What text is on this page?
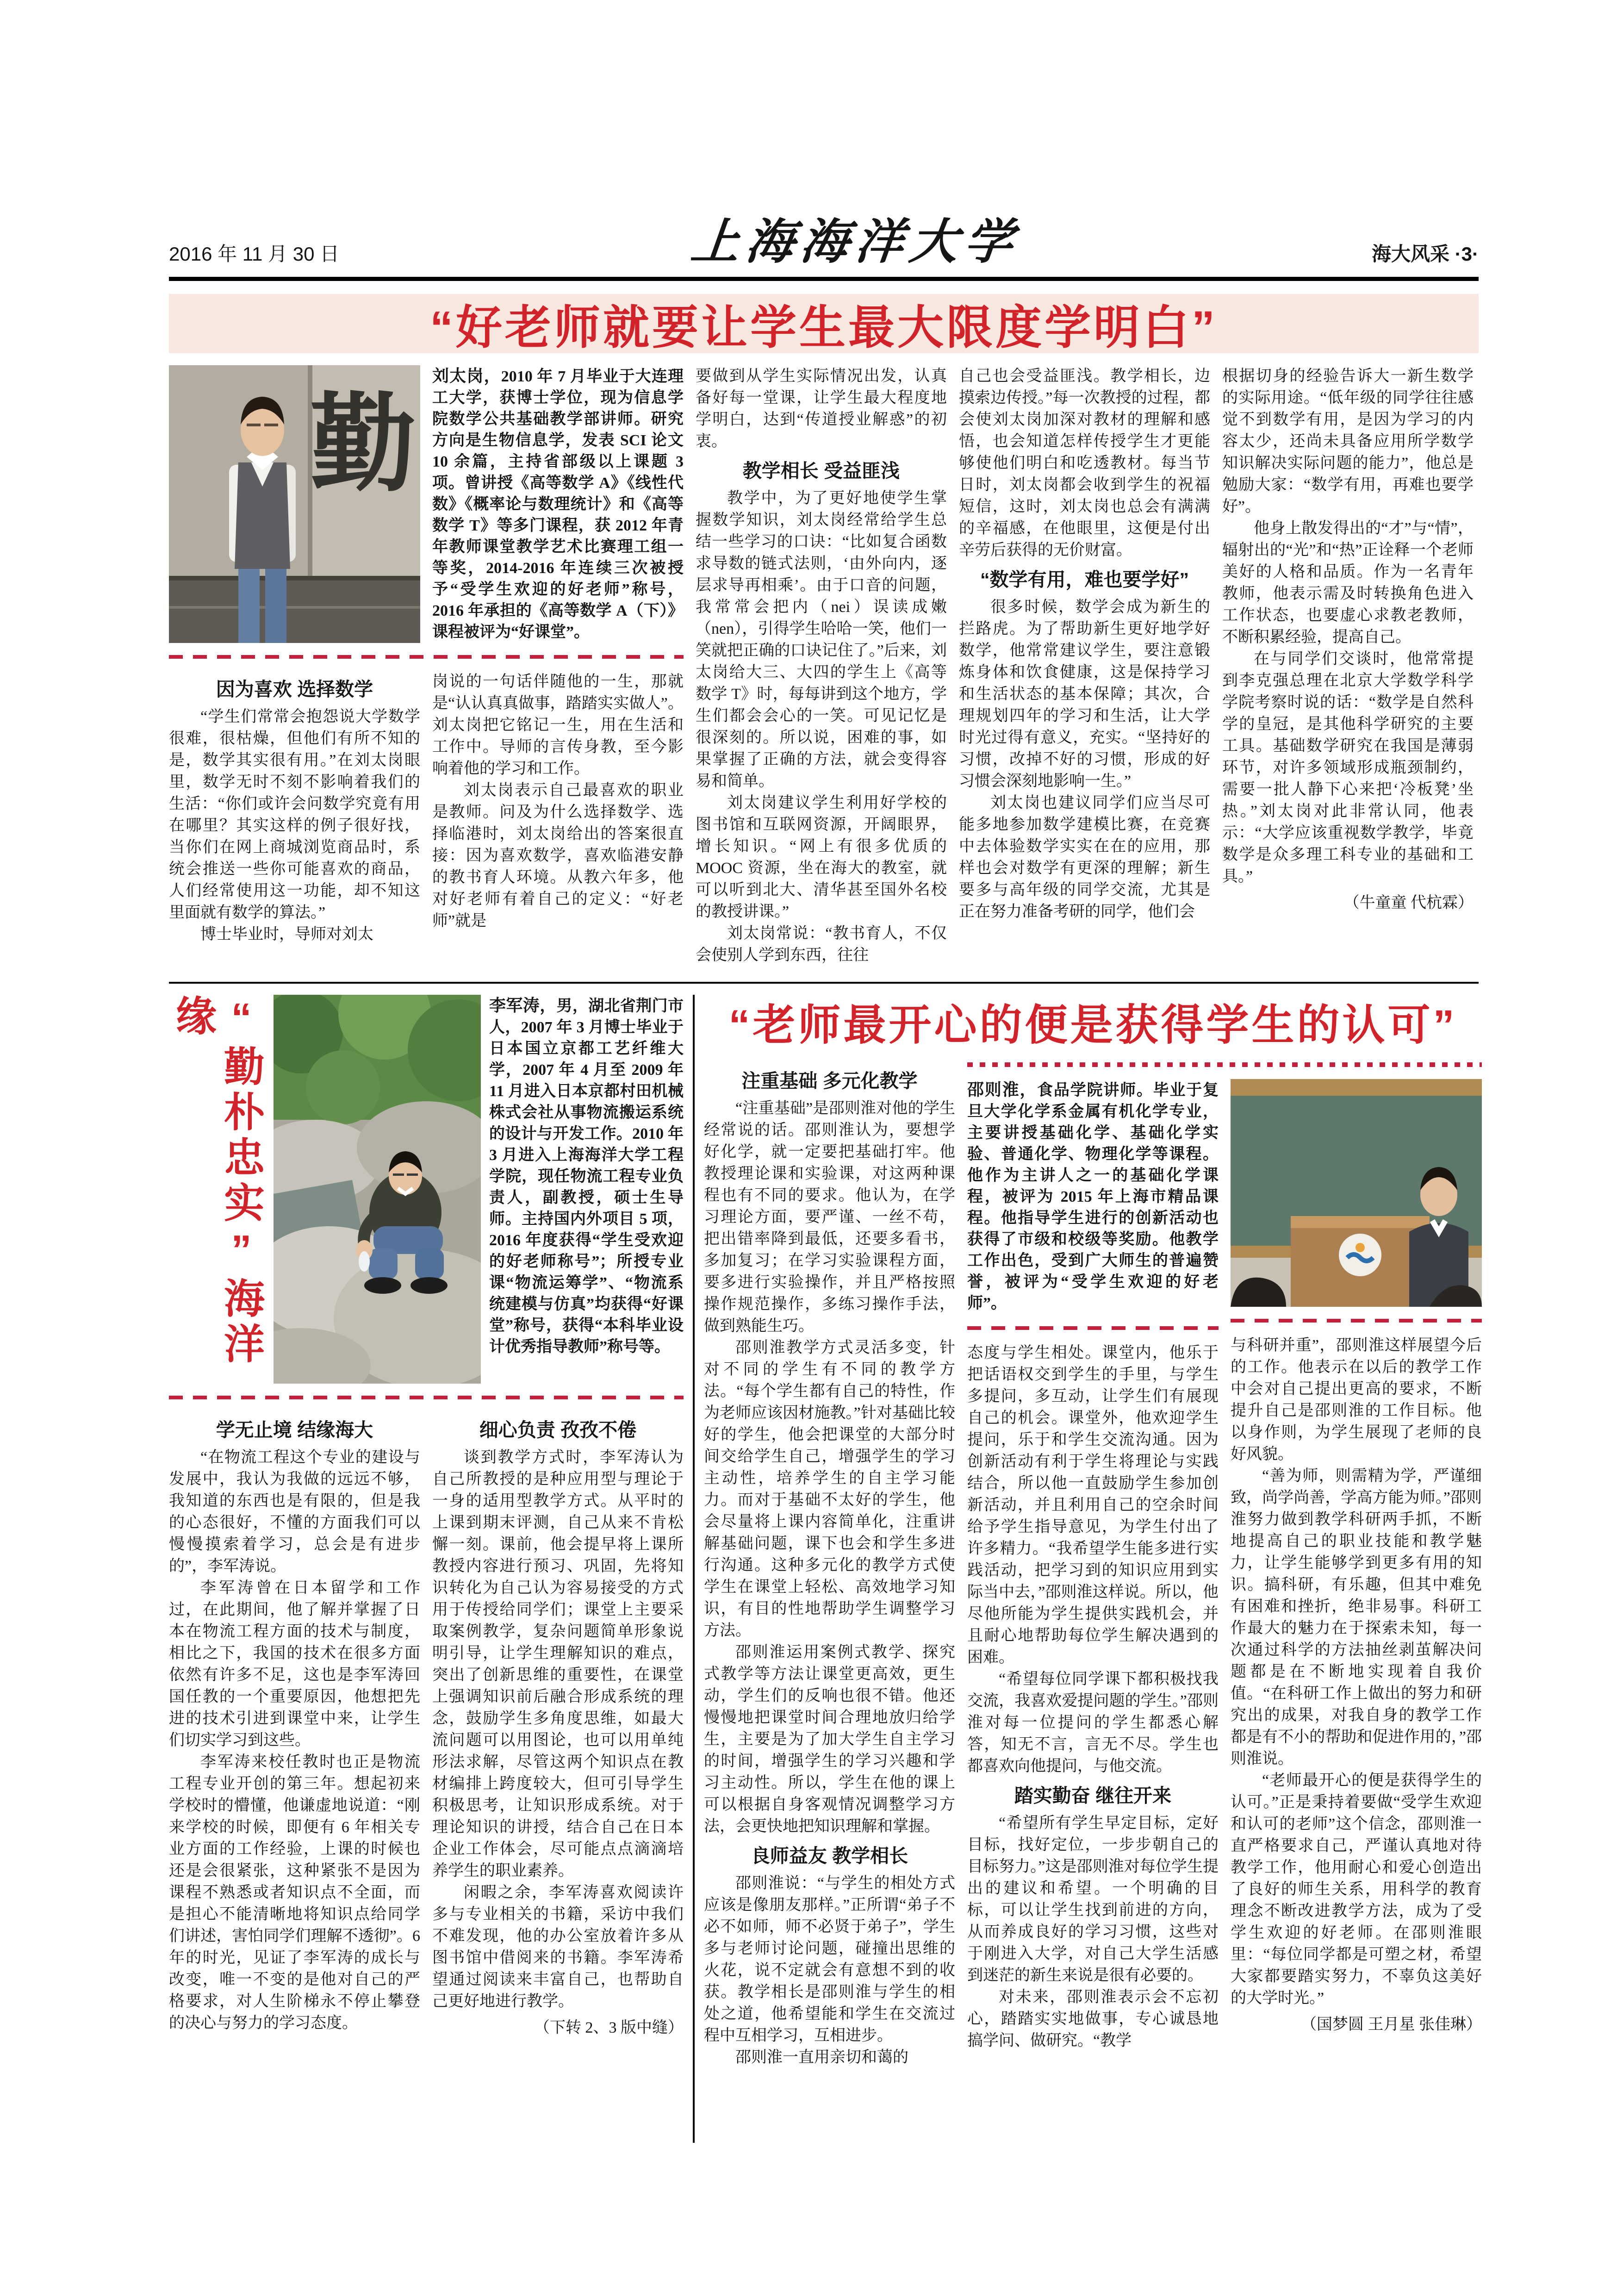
2016 年 11 月 30 日	上海海洋大学	海大风采 ·3·
“好老师就要让学生最大限度学明白”
勤
刘太岗，2010 年 7 月毕业于大连理工大学，获博士学位，现为信息学院数学公共基础教学部讲师。研究方向是生物信息学，发表 SCI 论文 10 余篇，主持省部级以上课题 3 项。曾讲授《高等数学 A》《线性代数》《概率论与数理统计》和《高等数学 T》等多门课程，获 2012 年青年教师课堂教学艺术比赛理工组一等奖，2014-2016 年连续三次被授予“受学生欢迎的好老师”称号，2016 年承担的《高等数学 A（下）》课程被评为“好课堂”。
因为喜欢 选择数学
“学生们常常会抱怨说大学数学很难，很枯燥，但他们有所不知的是，数学其实很有用。”在刘太岗眼里，数学无时不刻不影响着我们的生活：“你们或许会问数学究竟有用在哪里？其实这样的例子很好找，当你们在网上商城浏览商品时，系统会推送一些你可能喜欢的商品，人们经常使用这一功能，却不知这里面就有数学的算法。”
博士毕业时，导师对刘太
岗说的一句话伴随他的一生，那就是“认认真真做事，踏踏实实做人”。刘太岗把它铭记一生，用在生活和工作中。导师的言传身教，至今影响着他的学习和工作。
刘太岗表示自己最喜欢的职业是教师。问及为什么选择数学、选择临港时，刘太岗给出的答案很直接：因为喜欢数学，喜欢临港安静的教书育人环境。从教六年多，他对好老师有着自己的定义：“好老师”就是
要做到从学生实际情况出发，认真备好每一堂课，让学生最大程度地学明白，达到“传道授业解惑”的初衷。
教学相长 受益匪浅
教学中，为了更好地使学生掌握数学知识，刘太岗经常给学生总结一些学习的口诀：“比如复合函数求导数的链式法则，‘由外向内，逐层求导再相乘’。由于口音的问题，我常常会把内（nei）误读成嫩（nen），引得学生哈哈一笑，他们一笑就把正确的口诀记住了。”后来，刘太岗给大三、大四的学生上《高等数学 T》时，每每讲到这个地方，学生们都会会心的一笑。可见记忆是很深刻的。所以说，困难的事，如果掌握了正确的方法，就会变得容易和简单。
刘太岗建议学生利用好学校的图书馆和互联网资源，开阔眼界，增长知识。“网上有很多优质的 MOOC 资源，坐在海大的教室，就可以听到北大、清华甚至国外名校的教授讲课。”
刘太岗常说：“教书育人，不仅会使别人学到东西，往往
自己也会受益匪浅。教学相长，边摸索边传授。”每一次教授的过程，都会使刘太岗加深对教材的理解和感悟，也会知道怎样传授学生才更能够使他们明白和吃透教材。每当节日时，刘太岗都会收到学生的祝福短信，这时，刘太岗也总会有满满的辛福感，在他眼里，这便是付出辛劳后获得的无价财富。
“数学有用，难也要学好”
很多时候，数学会成为新生的拦路虎。为了帮助新生更好地学好数学，他常常建议学生，要注意锻炼身体和饮食健康，这是保持学习和生活状态的基本保障；其次，合理规划四年的学习和生活，让大学时光过得有意义，充实。“坚持好的习惯，改掉不好的习惯，形成的好习惯会深刻地影响一生。”
刘太岗也建议同学们应当尽可能多地参加数学建模比赛，在竞赛中去体验数学实实在在的应用，那样也会对数学有更深的理解；新生要多与高年级的同学交流，尤其是正在努力准备考研的同学，他们会
根据切身的经验告诉大一新生数学的实际用途。“低年级的同学往往感觉不到数学有用，是因为学习的内容太少，还尚未具备应用所学数学知识解决实际问题的能力”，他总是勉励大家：“数学有用，再难也要学好”。
他身上散发得出的“才”与“情”，辐射出的“光”和“热”正诠释一个老师美好的人格和品质。作为一名青年教师，他表示需及时转换角色进入工作状态，也要虚心求教老教师，不断积累经验，提高自己。
在与同学们交谈时，他常常提到李克强总理在北京大学数学科学学院考察时说的话：“数学是自然科学的皇冠，是其他科学研究的主要工具。基础数学研究在我国是薄弱环节，对许多领域形成瓶颈制约，需要一批人静下心来把‘冷板凳’坐热。”刘太岗对此非常认同，他表示：“大学应该重视数学教学，毕竟数学是众多理工科专业的基础和工具。”
（牛童童 代杭霖）
“勤朴忠实”海洋缘	李军涛，男，湖北省荆门市人，2007 年 3 月博士毕业于日本国立京都工艺纤维大学，2007 年 4 月至 2009 年 11 月进入日本京都村田机械株式会社从事物流搬运系统的设计与开发工作。2010 年 3 月进入上海海洋大学工程学院，现任物流工程专业负责人，副教授，硕士生导师。主持国内外项目 5 项，2016 年度获得“学生受欢迎的好老师称号”；所授专业课“物流运筹学”、“物流系统建模与仿真”均获得“好课堂”称号，获得“本科毕业设计优秀指导教师”称号等。
学无止境 结缘海大
“在物流工程这个专业的建设与发展中，我认为我做的远远不够，我知道的东西也是有限的，但是我的心态很好，不懂的方面我们可以慢慢摸索着学习，总会是有进步的”，李军涛说。
李军涛曾在日本留学和工作过，在此期间，他了解并掌握了日本在物流工程方面的技术与制度，相比之下，我国的技术在很多方面依然有许多不足，这也是李军涛回国任教的一个重要原因，他想把先进的技术引进到课堂中来，让学生们切实学习到这些。
李军涛来校任教时也正是物流工程专业开创的第三年。想起初来学校时的懵懂，他谦虚地说道：“刚来学校的时候，即便有 6 年相关专业方面的工作经验，上课的时候也还是会很紧张，这种紧张不是因为课程不熟悉或者知识点不全面，而是担心不能清晰地将知识点给同学们讲述，害怕同学们理解不透彻”。6 年的时光，见证了李军涛的成长与改变，唯一不变的是他对自己的严格要求，对人生阶梯永不停止攀登的决心与努力的学习态度。
细心负责 孜孜不倦
谈到教学方式时，李军涛认为自己所教授的是种应用型与理论于一身的适用型教学方式。从平时的上课到期末评测，自己从来不肯松懈一刻。课前，他会提早将上课所教授内容进行预习、巩固，先将知识转化为自己认为容易接受的方式用于传授给同学们；课堂上主要采取案例教学，复杂问题简单形象说明引导，让学生理解知识的难点，突出了创新思维的重要性，在课堂上强调知识前后融合形成系统的理念，鼓励学生多角度思维，如最大流问题可以用图论，也可以用单纯形法求解，尽管这两个知识点在教材编排上跨度较大，但可引导学生积极思考，让知识形成系统。对于理论知识的讲授，结合自己在日本企业工作体会，尽可能点点滴滴培养学生的职业素养。
闲暇之余，李军涛喜欢阅读许多与专业相关的书籍，采访中我们不难发现，他的办公室放着许多从图书馆中借阅来的书籍。李军涛希望通过阅读来丰富自己，也帮助自己更好地进行教学。
（下转 2、3 版中缝）
“老师最开心的便是获得学生的认可”
注重基础 多元化教学
“注重基础”是邵则淮对他的学生经常说的话。邵则淮认为，要想学好化学，就一定要把基础打牢。他教授理论课和实验课，对这两种课程也有不同的要求。他认为，在学习理论方面，要严谨、一丝不苟，把出错率降到最低，还要多看书，多加复习；在学习实验课程方面，要多进行实验操作，并且严格按照操作规范操作，多练习操作手法，做到熟能生巧。
邵则淮教学方式灵活多变，针对不同的学生有不同的教学方法。“每个学生都有自己的特性，作为老师应该因材施教。”针对基础比较好的学生，他会把课堂的大部分时间交给学生自己，增强学生的学习主动性，培养学生的自主学习能力。而对于基础不太好的学生，他会尽量将上课内容简单化，注重讲解基础问题，课下也会和学生多进行沟通。这种多元化的教学方式使学生在课堂上轻松、高效地学习知识，有目的性地帮助学生调整学习方法。
邵则淮运用案例式教学、探究式教学等方法让课堂更高效，更生动，学生们的反响也很不错。他还慢慢地把课堂时间合理地放归给学生，主要是为了加大学生自主学习的时间，增强学生的学习兴趣和学习主动性。所以，学生在他的课上可以根据自身客观情况调整学习方法，会更快地把知识理解和掌握。
良师益友 教学相长
邵则淮说：“与学生的相处方式应该是像朋友那样。”正所谓“弟子不必不如师，师不必贤于弟子”，学生多与老师讨论问题，碰撞出思维的火花，说不定就会有意想不到的收获。教学相长是邵则淮与学生的相处之道，他希望能和学生在交流过程中互相学习，互相进步。
邵则淮一直用亲切和蔼的
邵则淮，食品学院讲师。毕业于复旦大学化学系金属有机化学专业，主要讲授基础化学、基础化学实验、普通化学、物理化学等课程。他作为主讲人之一的基础化学课程，被评为 2015 年上海市精品课程。他指导学生进行的创新活动也获得了市级和校级等奖励。他教学工作出色，受到广大师生的普遍赞誉，被评为“受学生欢迎的好老师”。
态度与学生相处。课堂内，他乐于把话语权交到学生的手里，与学生多提问，多互动，让学生们有展现自己的机会。课堂外，他欢迎学生提问，乐于和学生交流沟通。因为创新活动有利于学生将理论与实践结合，所以他一直鼓励学生参加创新活动，并且利用自己的空余时间给予学生指导意见，为学生付出了许多精力。“我希望学生能多进行实践活动，把学习到的知识应用到实际当中去，”邵则淮这样说。所以，他尽他所能为学生提供实践机会，并且耐心地帮助每位学生解决遇到的困难。
“希望每位同学课下都积极找我交流，我喜欢爱提问题的学生。”邵则淮对每一位提问的学生都悉心解答，知无不言，言无不尽。学生也都喜欢向他提问，与他交流。
踏实勤奋 继往开来
“希望所有学生早定目标，定好目标，找好定位，一步步朝自己的目标努力。”这是邵则淮对每位学生提出的建议和希望。一个明确的目标，可以让学生找到前进的方向，从而养成良好的学习习惯，这些对于刚进入大学，对自己大学生活感到迷茫的新生来说是很有必要的。
对未来，邵则淮表示会不忘初心，踏踏实实地做事，专心诚恳地搞学问、做研究。“教学
与科研并重”，邵则淮这样展望今后的工作。他表示在以后的教学工作中会对自己提出更高的要求，不断提升自己是邵则淮的工作目标。他以身作则，为学生展现了老师的良好风貌。
“善为师，则需精为学，严谨细致，尚学尚善，学高方能为师。”邵则淮努力做到教学科研两手抓，不断地提高自己的职业技能和教学魅力，让学生能够学到更多有用的知识。搞科研，有乐趣，但其中难免有困难和挫折，绝非易事。科研工作最大的魅力在于探索未知，每一次通过科学的方法抽丝剥茧解决问题都是在不断地实现着自我价值。“在科研工作上做出的努力和研究出的成果，对我自身的教学工作都是有不小的帮助和促进作用的，”邵则淮说。
“老师最开心的便是获得学生的认可。”正是秉持着要做“受学生欢迎和认可的老师”这个信念，邵则淮一直严格要求自己，严谨认真地对待教学工作，他用耐心和爱心创造出了良好的师生关系，用科学的教育理念不断改进教学方法，成为了受学生欢迎的好老师。在邵则淮眼里：“每位同学都是可塑之材，希望大家都要踏实努力，不辜负这美好的大学时光。”
（国梦圆 王月星 张佳琳）
